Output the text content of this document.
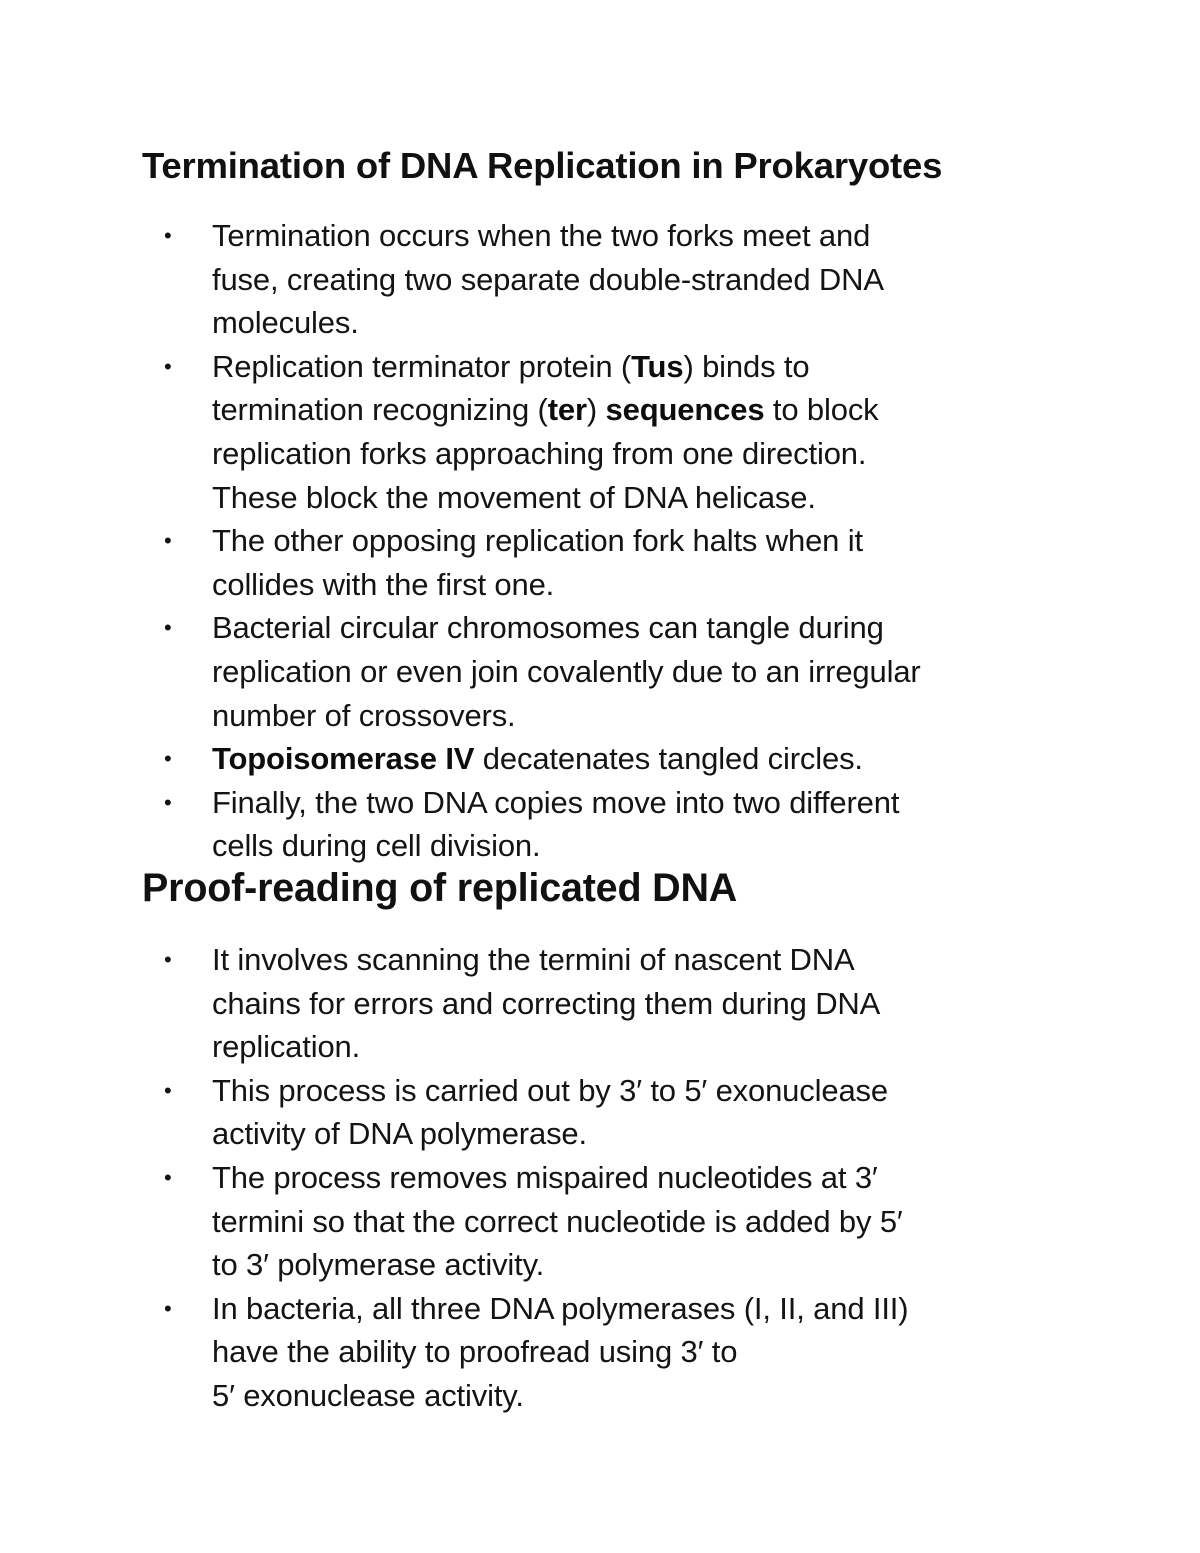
Termination of DNA Replication in Prokaryotes
• Termination occurs when the two forks meet and
fuse, creating two separate double-stranded DNA
molecules.
• Replication terminator protein (Tus) binds to
termination recognizing (ter) sequences to block
replication forks approaching from one direction.
These block the movement of DNA helicase.
• The other opposing replication fork halts when it
collides with the first one.
• Bacterial circular chromosomes can tangle during
replication or even join covalently due to an irregular
number of crossovers.
• Topoisomerase IV decatenates tangled circles.
• Finally, the two DNA copies move into two different
cells during cell division.
Proof-reading of replicated DNA
• It involves scanning the termini of nascent DNA
chains for errors and correcting them during DNA
replication.
• This process is carried out by 3′ to 5′ exonuclease
activity of DNA polymerase.
• The process removes mispaired nucleotides at 3′
termini so that the correct nucleotide is added by 5′
to 3′ polymerase activity.
• In bacteria, all three DNA polymerases (I, II, and III)
have the ability to proofread using 3′ to
5′ exonuclease activity.
